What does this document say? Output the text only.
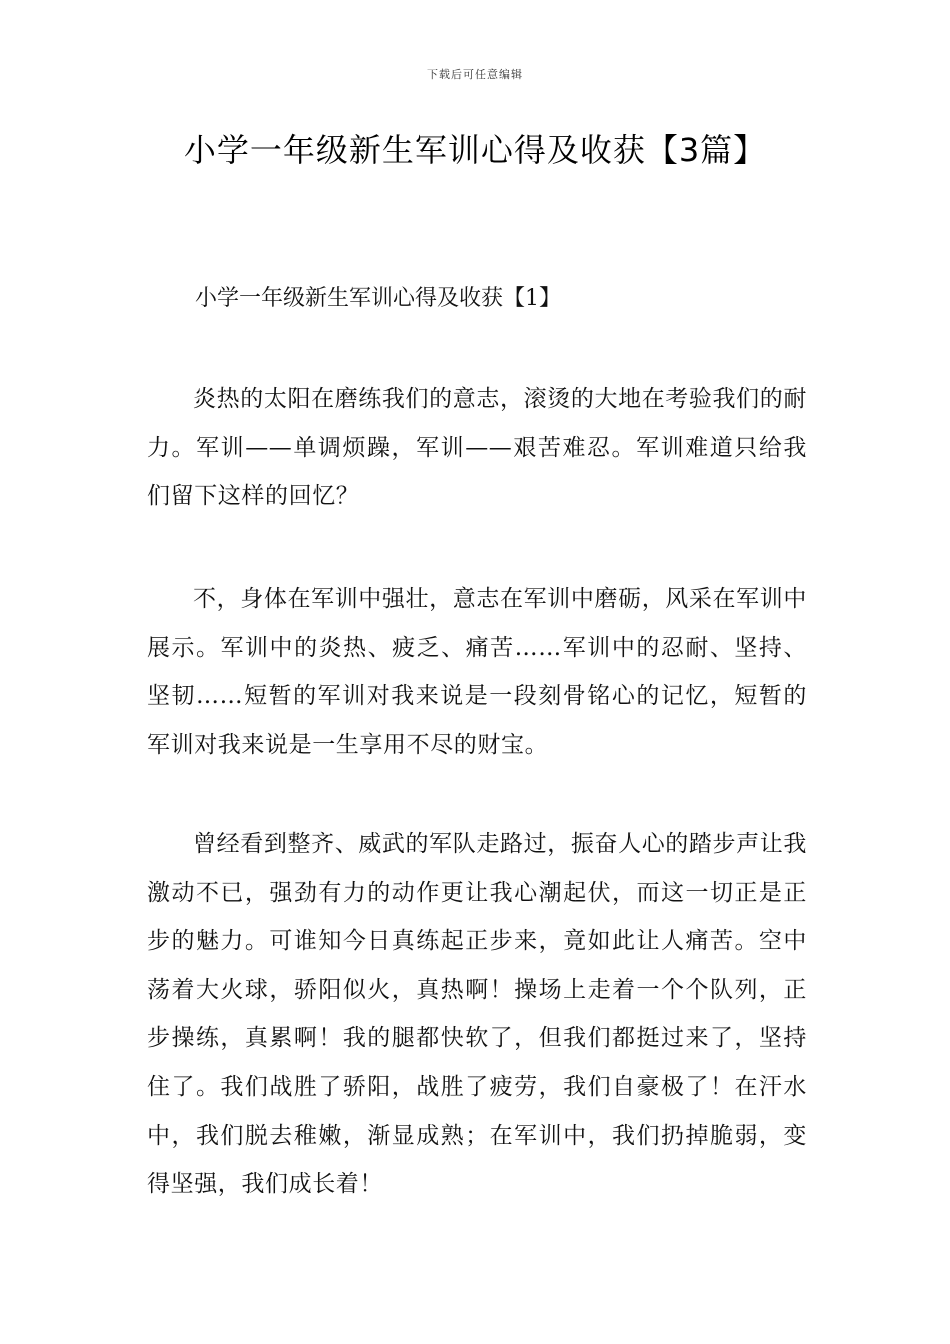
下载后可任意编辑
小学一年级新生军训心得及收获【3篇】
小学一年级新生军训心得及收获【1】

炎热的太阳在磨练我们的意志，滚烫的大地在考验我们的耐力。军训——单调烦躁，军训——艰苦难忍。军训难道只给我们留下这样的回忆？

不，身体在军训中强壮，意志在军训中磨砺，风采在军训中展示。军训中的炎热、疲乏、痛苦……军训中的忍耐、坚持、坚韧……短暂的军训对我来说是一段刻骨铭心的记忆，短暂的军训对我来说是一生享用不尽的财宝。

曾经看到整齐、威武的军队走路过，振奋人心的踏步声让我激动不已，强劲有力的动作更让我心潮起伏，而这一切正是正步的魅力。可谁知今日真练起正步来，竟如此让人痛苦。空中荡着大火球，骄阳似火，真热啊！操场上走着一个个队列，正步操练，真累啊！我的腿都快软了，但我们都挺过来了，坚持住了。我们战胜了骄阳，战胜了疲劳，我们自豪极了！在汗水中，我们脱去稚嫩，渐显成熟；在军训中，我们扔掉脆弱，变得坚强，我们成长着！
